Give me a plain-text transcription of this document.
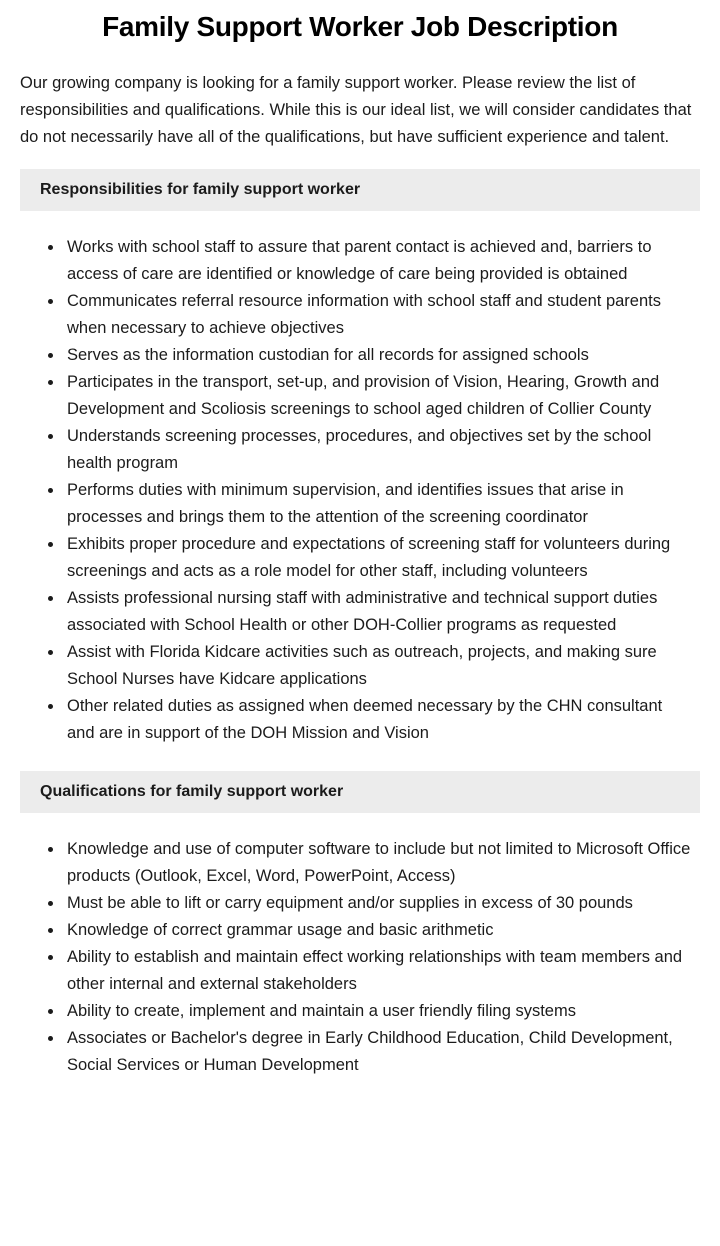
Family Support Worker Job Description

Our growing company is looking for a family support worker. Please review the list of responsibilities and qualifications. While this is our ideal list, we will consider candidates that do not necessarily have all of the qualifications, but have sufficient experience and talent.

Responsibilities for family support worker
• Works with school staff to assure that parent contact is achieved and, barriers to access of care are identified or knowledge of care being provided is obtained
• Communicates referral resource information with school staff and student parents when necessary to achieve objectives
• Serves as the information custodian for all records for assigned schools
• Participates in the transport, set-up, and provision of Vision, Hearing, Growth and Development and Scoliosis screenings to school aged children of Collier County
• Understands screening processes, procedures, and objectives set by the school health program
• Performs duties with minimum supervision, and identifies issues that arise in processes and brings them to the attention of the screening coordinator
• Exhibits proper procedure and expectations of screening staff for volunteers during screenings and acts as a role model for other staff, including volunteers
• Assists professional nursing staff with administrative and technical support duties associated with School Health or other DOH-Collier programs as requested
• Assist with Florida Kidcare activities such as outreach, projects, and making sure School Nurses have Kidcare applications
• Other related duties as assigned when deemed necessary by the CHN consultant and are in support of the DOH Mission and Vision
Qualifications for family support worker
• Knowledge and use of computer software to include but not limited to Microsoft Office products (Outlook, Excel, Word, PowerPoint, Access)
• Must be able to lift or carry equipment and/or supplies in excess of 30 pounds
• Knowledge of correct grammar usage and basic arithmetic
• Ability to establish and maintain effect working relationships with team members and other internal and external stakeholders
• Ability to create, implement and maintain a user friendly filing systems
• Associates or Bachelor's degree in Early Childhood Education, Child Development, Social Services or Human Development
